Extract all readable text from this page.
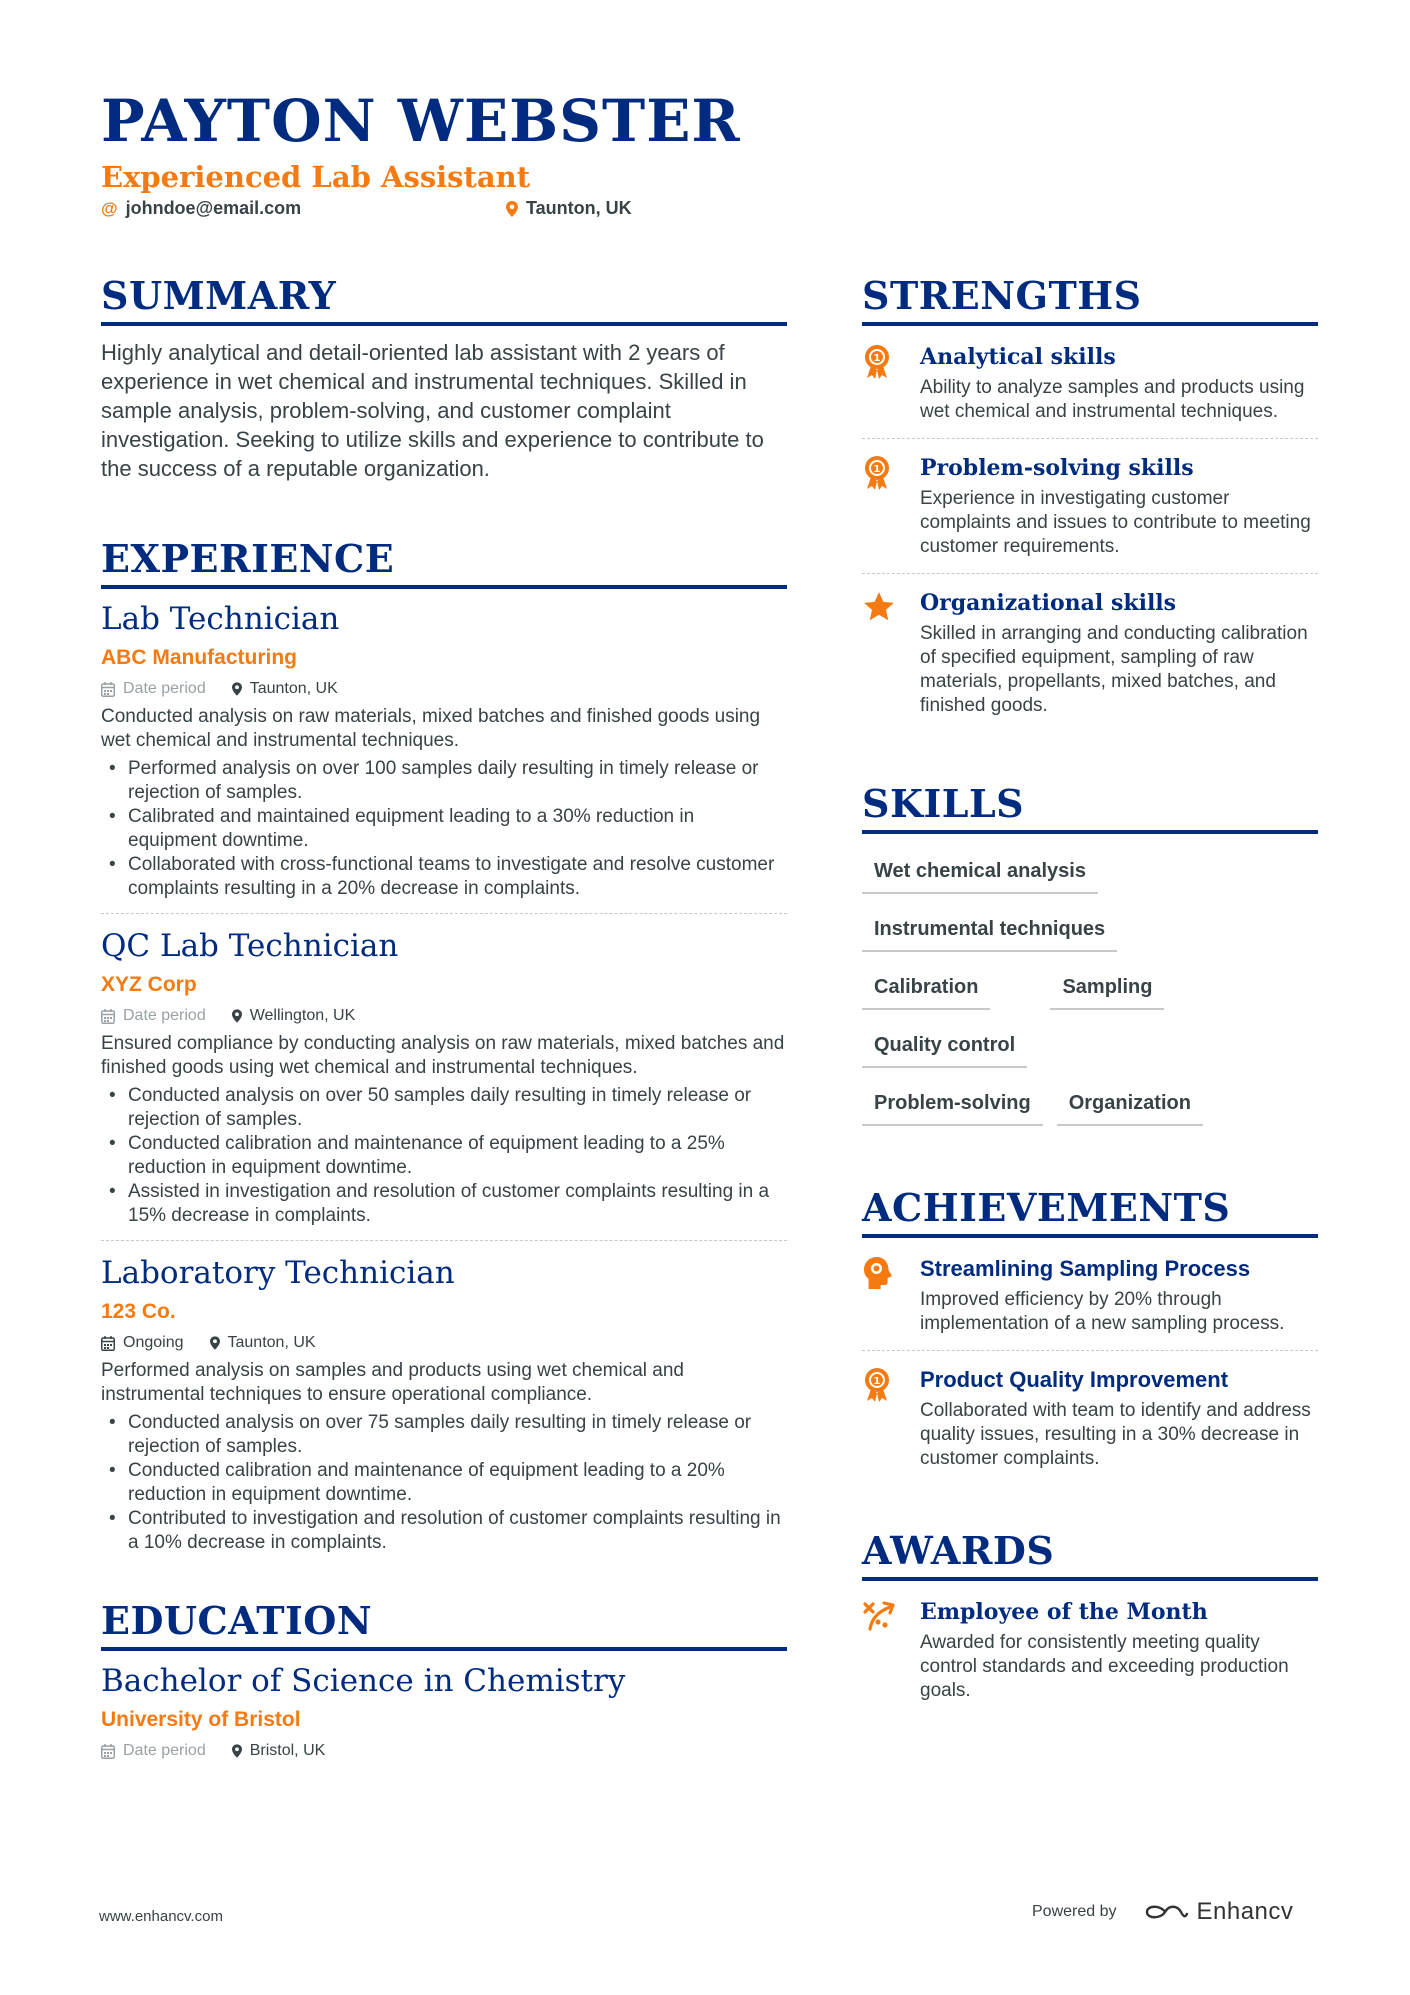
PAYTON WEBSTER
Experienced Lab Assistant
@ johndoe@email.com	Taunton, UK
SUMMARY
Highly analytical and detail-oriented lab assistant with 2 years of experience in wet chemical and instrumental techniques. Skilled in sample analysis, problem-solving, and customer complaint investigation. Seeking to utilize skills and experience to contribute to the success of a reputable organization.
EXPERIENCE
Lab Technician
ABC Manufacturing
Date period	Taunton, UK
Conducted analysis on raw materials, mixed batches and finished goods using wet chemical and instrumental techniques.
• Performed analysis on over 100 samples daily resulting in timely release or rejection of samples.
• Calibrated and maintained equipment leading to a 30% reduction in equipment downtime.
• Collaborated with cross-functional teams to investigate and resolve customer complaints resulting in a 20% decrease in complaints.
QC Lab Technician
XYZ Corp
Date period	Wellington, UK
Ensured compliance by conducting analysis on raw materials, mixed batches and finished goods using wet chemical and instrumental techniques.
• Conducted analysis on over 50 samples daily resulting in timely release or rejection of samples.
• Conducted calibration and maintenance of equipment leading to a 25% reduction in equipment downtime.
• Assisted in investigation and resolution of customer complaints resulting in a 15% decrease in complaints.
Laboratory Technician
123 Co.
Ongoing	Taunton, UK
Performed analysis on samples and products using wet chemical and instrumental techniques to ensure operational compliance.
• Conducted analysis on over 75 samples daily resulting in timely release or rejection of samples.
• Conducted calibration and maintenance of equipment leading to a 20% reduction in equipment downtime.
• Contributed to investigation and resolution of customer complaints resulting in a 10% decrease in complaints.
EDUCATION
Bachelor of Science in Chemistry
University of Bristol
Date period	Bristol, UK
STRENGTHS
1 Analytical skills
Ability to analyze samples and products using wet chemical and instrumental techniques.
1 Problem-solving skills
Experience in investigating customer complaints and issues to contribute to meeting customer requirements.
Organizational skills
Skilled in arranging and conducting calibration of specified equipment, sampling of raw materials, propellants, mixed batches, and finished goods.
SKILLS
Wet chemical analysis
Instrumental techniques
Calibration	Sampling
Quality control
Problem-solving	Organization
ACHIEVEMENTS
Streamlining Sampling Process
Improved efficiency by 20% through implementation of a new sampling process.
1 Product Quality Improvement
Collaborated with team to identify and address quality issues, resulting in a 30% decrease in customer complaints.
AWARDS
Employee of the Month
Awarded for consistently meeting quality control standards and exceeding production goals.
www.enhancv.com	Powered by	Enhancv
